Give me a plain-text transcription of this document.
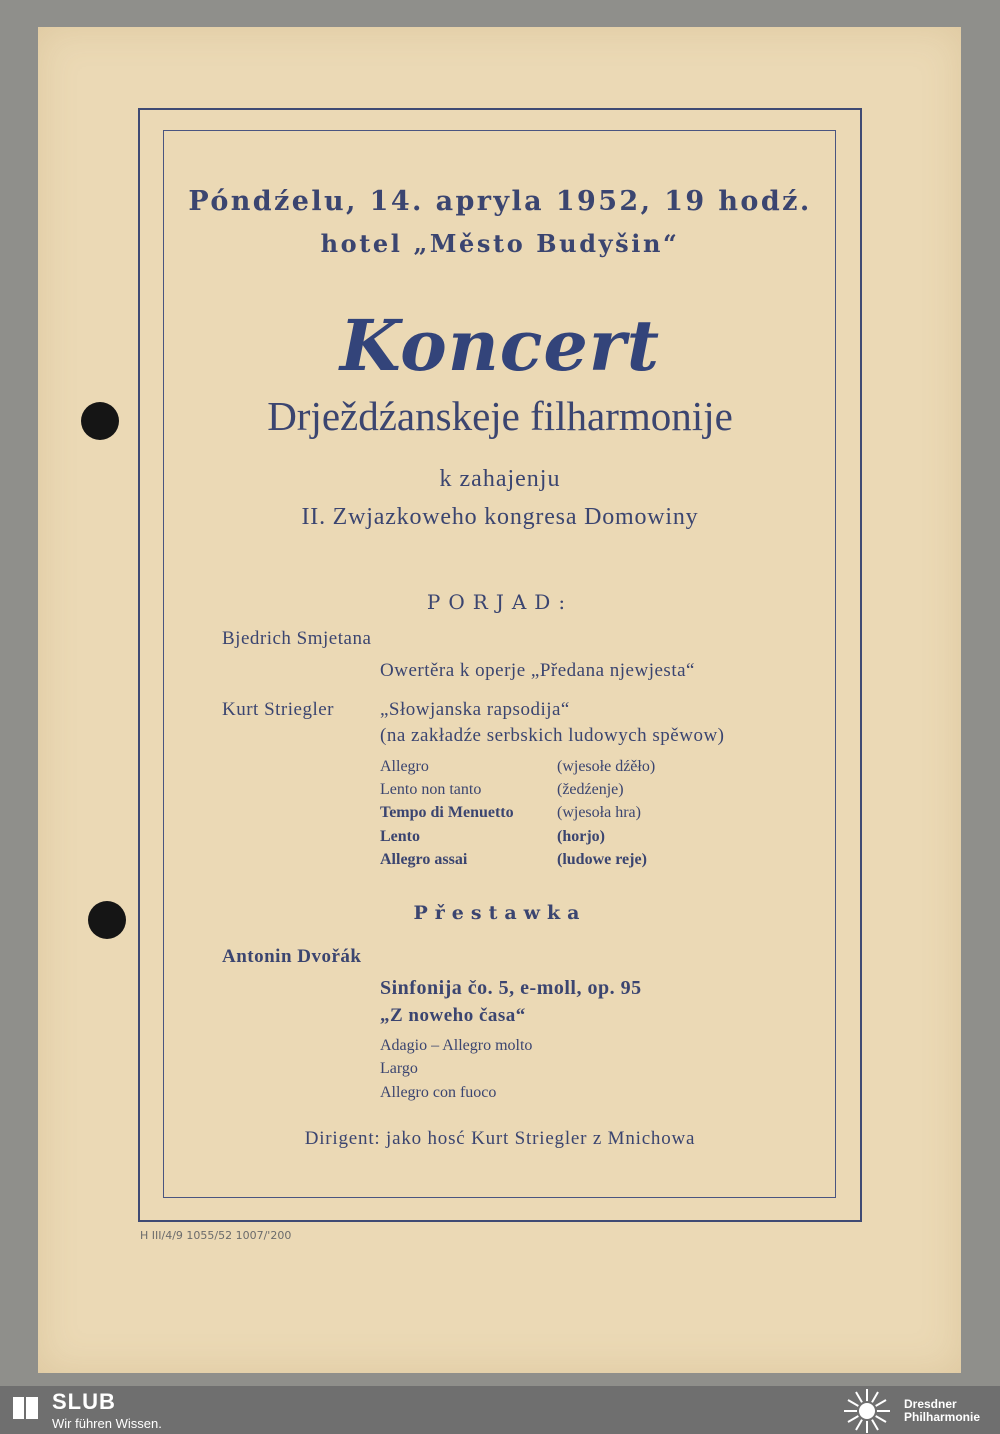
Póndźelu, 14. apryla 1952, 19 hodź.
hotel „Město Budyšin“
Koncert
Drježdźanskeje filharmonije
k zahajenju
II. Zwjazkoweho kongresa Domowiny
PORJAD:
Bjedrich Smjetana
Owertěra k operje „Předana njewjesta“
Kurt Striegler „Słowjanska rapsodija“
(na zakładźe serbskich ludowych spěwow)
Allegro	(wjesołe dźěło)
Lento non tanto	(žedźenje)
Tempo di Menuetto	(wjesoła hra)
Lento	(horjo)
Allegro assai	(ludowe reje)
Přestawka
Antonin Dvořák
Sinfonija čo. 5, e-moll, op. 95
„Z noweho časa“
Adagio – Allegro molto
Largo
Allegro con fuoco
Dirigent: jako hosć Kurt Striegler z Mnichowa
H III/4/9 1055/52 1007/'200
SLUB
Wir führen Wissen.
Dresdner
Philharmonie
